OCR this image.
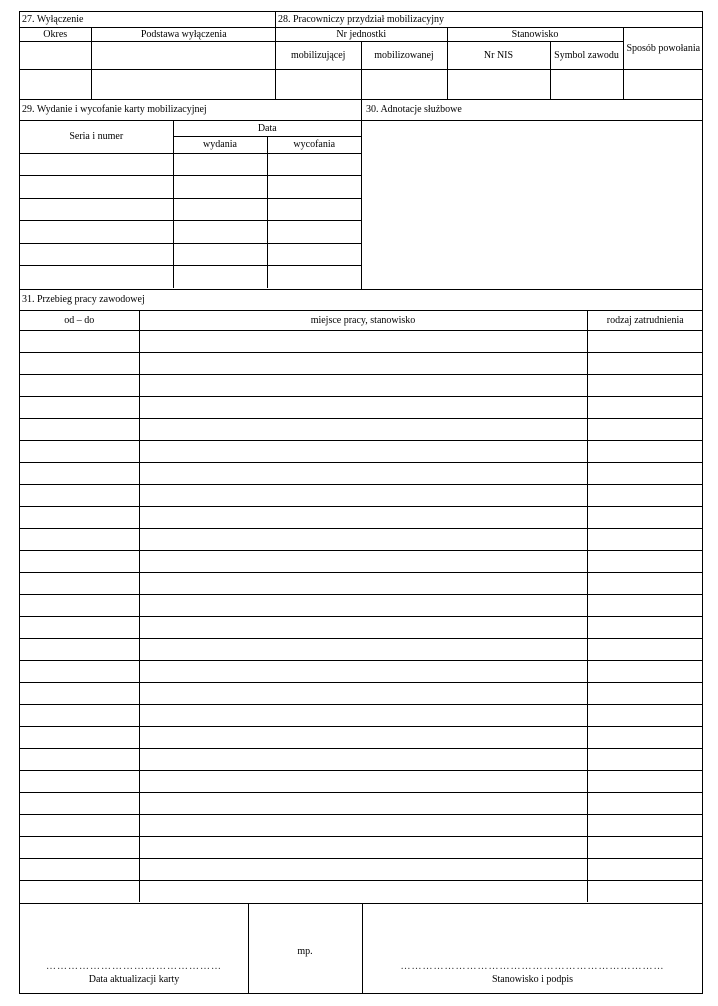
27. Wyłączenie	
Okres	Podstawa wyłączenia

28. Pracowniczy przydział mobilizacyjny				
Nr jednostki		Stanowisko		Sposób powołania
mobilizującej	mobilizowanej	Nr NIS	Symbol zawodu	

29. Wydanie i wycofanie karty mobilizacyjnej		
Seria i numer	Data	
	wydania	wycofania

30. Adnotacje służbowe
31. Przebieg pracy zawodowej		
od – do	miejsce pracy, stanowisko	rodzaj zatrudnienia

…………………………………………
Data aktualizacji karty
mp.
………………………………………………………………
Stanowisko i podpis
